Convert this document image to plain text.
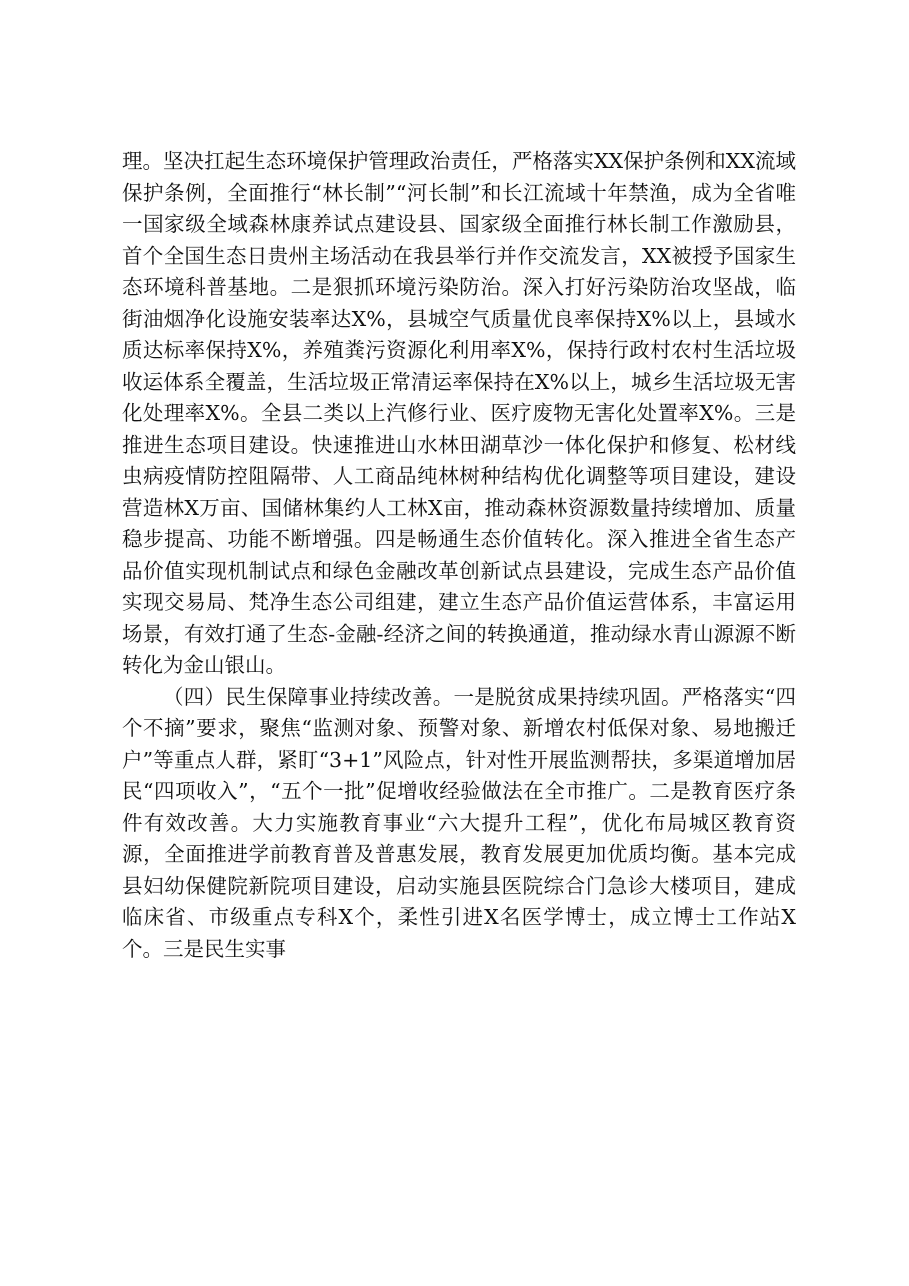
理。坚决扛起生态环境保护管理政治责任，严格落实XX保护条例和XX流域保护条例，全面推行“林长制”“河长制”和长江流域十年禁渔，成为全省唯一国家级全域森林康养试点建设县、国家级全面推行林长制工作激励县，首个全国生态日贵州主场活动在我县举行并作交流发言，XX被授予国家生态环境科普基地。二是狠抓环境污染防治。深入打好污染防治攻坚战，临街油烟净化设施安装率达X%，县城空气质量优良率保持X%以上，县域水质达标率保持X%，养殖粪污资源化利用率X%，保持行政村农村生活垃圾收运体系全覆盖，生活垃圾正常清运率保持在X%以上，城乡生活垃圾无害化处理率X%。全县二类以上汽修行业、医疗废物无害化处置率X%。三是推进生态项目建设。快速推进山水林田湖草沙一体化保护和修复、松材线虫病疫情防控阻隔带、人工商品纯林树种结构优化调整等项目建设，建设营造林X万亩、国储林集约人工林X亩，推动森林资源数量持续增加、质量稳步提高、功能不断增强。四是畅通生态价值转化。深入推进全省生态产品价值实现机制试点和绿色金融改革创新试点县建设，完成生态产品价值实现交易局、梵净生态公司组建，建立生态产品价值运营体系，丰富运用场景，有效打通了生态-金融-经济之间的转换通道，推动绿水青山源源不断转化为金山银山。

（四）民生保障事业持续改善。一是脱贫成果持续巩固。严格落实“四个不摘”要求，聚焦“监测对象、预警对象、新增农村低保对象、易地搬迁户”等重点人群，紧盯“3+1”风险点，针对性开展监测帮扶，多渠道增加居民“四项收入”，“五个一批”促增收经验做法在全市推广。二是教育医疗条件有效改善。大力实施教育事业“六大提升工程”，优化布局城区教育资源，全面推进学前教育普及普惠发展，教育发展更加优质均衡。基本完成县妇幼保健院新院项目建设，启动实施县医院综合门急诊大楼项目，建成临床省、市级重点专科X个，柔性引进X名医学博士，成立博士工作站X个。三是民生实事
